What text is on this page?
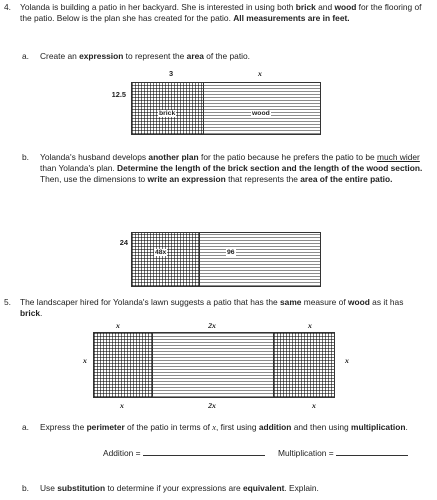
4.	Yolanda is building a patio in her backyard. She is interested in using both brick and wood for the flooring of the patio. Below is the plan she has created for the patio. All measurements are in feet.
a.	Create an expression to represent the area of the patio.
3	x
12.5
brick	wood
b.	Yolanda's husband develops another plan for the patio because he prefers the patio to be much wider than Yolanda's plan. Determine the length of the brick section and the length of the wood section. Then, use the dimensions to write an expression that represents the area of the entire patio.
24
48x	96
5.	The landscaper hired for Yolanda's lawn suggests a patio that has the same measure of wood as it has brick.
x	2x	x
x	x
x	2x	x
a.	Express the perimeter of the patio in terms of x, first using addition and then using multiplication.
Addition =	Multiplication =
b.	Use substitution to determine if your expressions are equivalent. Explain.
